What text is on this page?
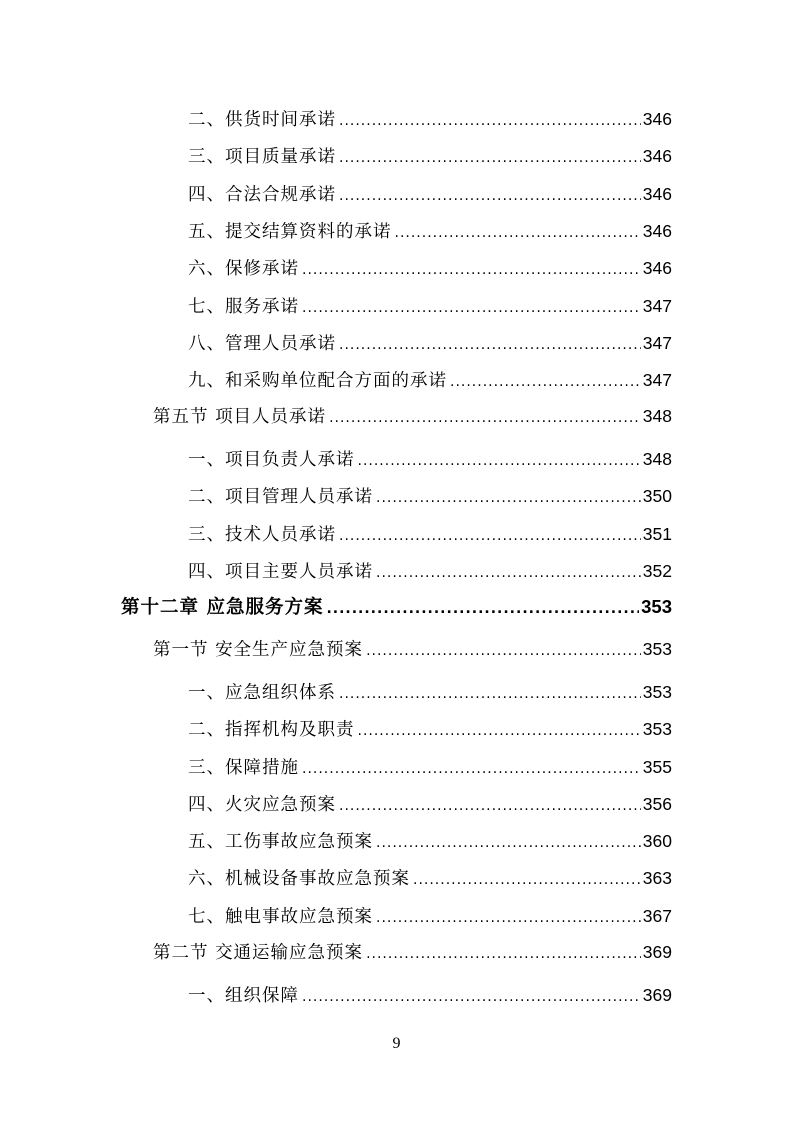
二、供货时间承诺 .....	346
三、项目质量承诺 .....	346
四、合法合规承诺 .....	346
五、提交结算资料的承诺 .....	346
六、保修承诺 .....	346
七、服务承诺 .....	347
八、管理人员承诺 .....	347
九、和采购单位配合方面的承诺 .....	347
第五节 项目人员承诺 .....	348
一、项目负责人承诺 .....	348
二、项目管理人员承诺 .....	350
三、技术人员承诺 .....	351
四、项目主要人员承诺 .....	352
第十二章 应急服务方案 .....	353
第一节 安全生产应急预案 .....	353
一、应急组织体系 .....	353
二、指挥机构及职责 .....	353
三、保障措施 .....	355
四、火灾应急预案 .....	356
五、工伤事故应急预案 .....	360
六、机械设备事故应急预案 .....	363
七、触电事故应急预案 .....	367
第二节 交通运输应急预案 .....	369
一、组织保障 .....	369
9
